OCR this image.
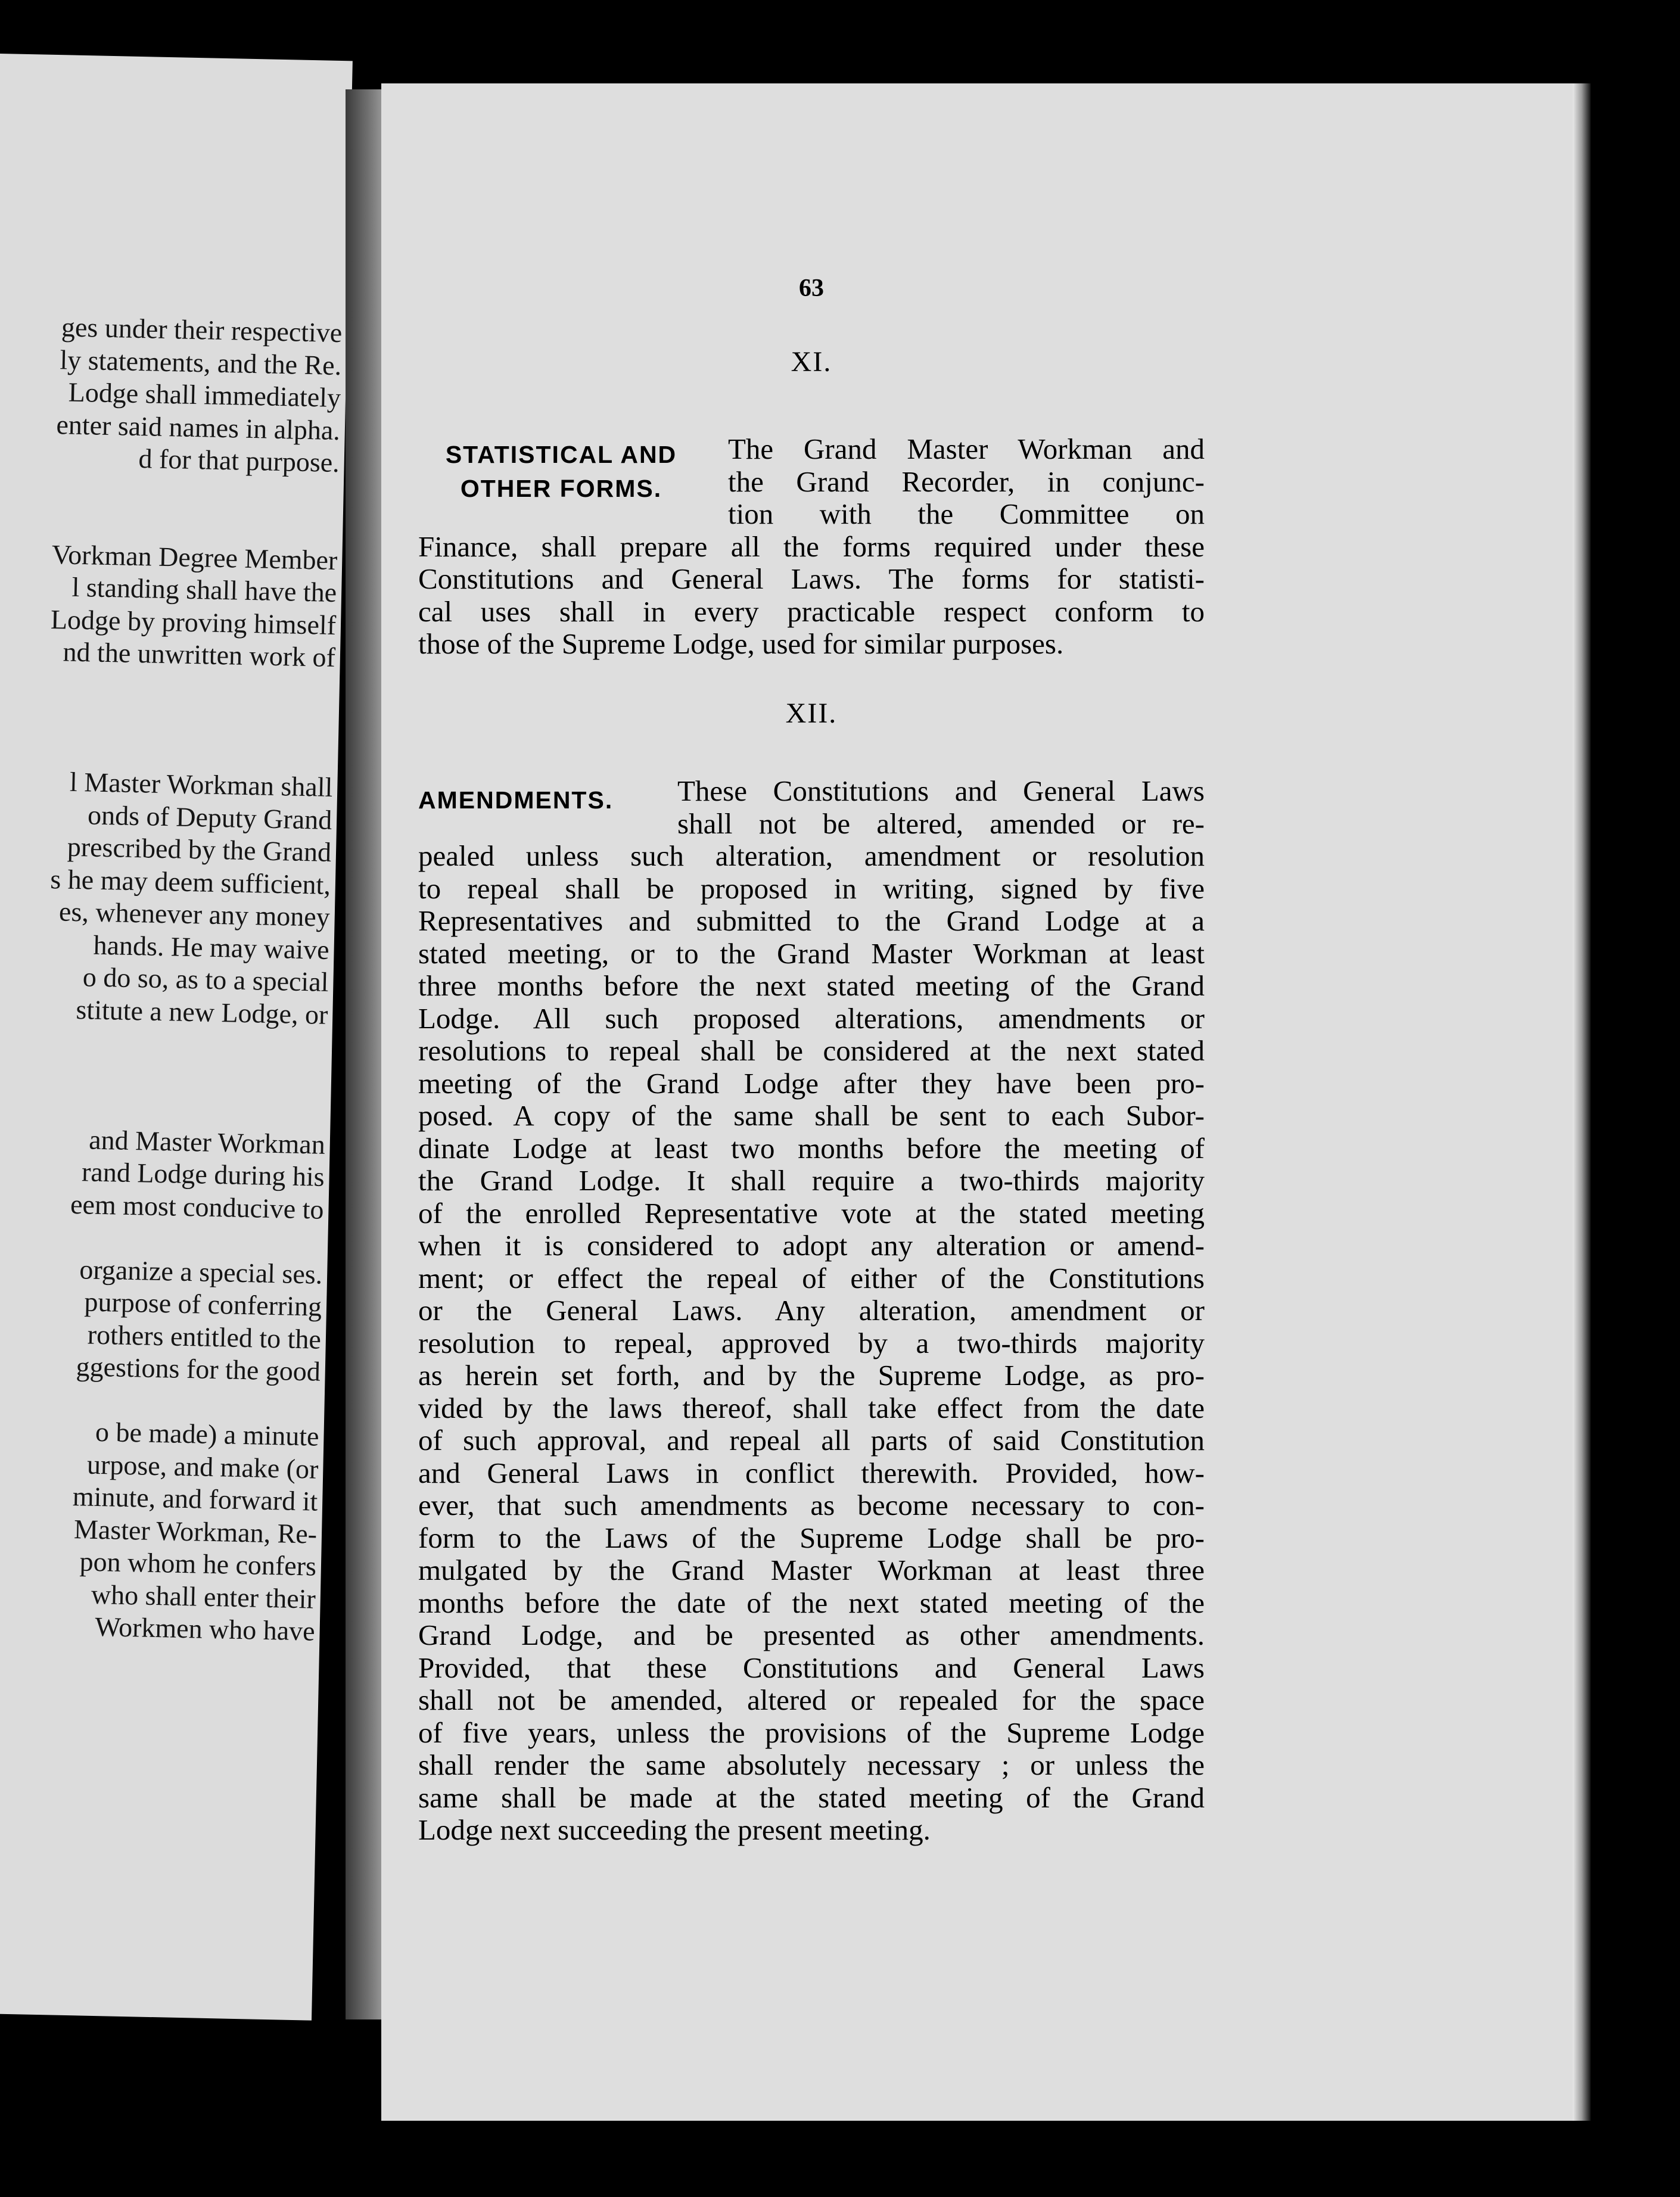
ges under their respective
ly statements, and the Re.
Lodge shall immediately
enter said names in alpha.
d for that purpose.
Vorkman Degree Member
l standing shall have the
Lodge by proving himself
nd the unwritten work of
l Master Workman shall
onds of Deputy Grand
prescribed by the Grand
s he may deem sufficient,
es, whenever any money
hands. He may waive
o do so, as to a special
stitute a new Lodge, or
and Master Workman
rand Lodge during his
eem most conducive to
organize a special ses.
purpose of conferring
rothers entitled to the
ggestions for the good
o be made) a minute
urpose, and make (or
minute, and forward it
Master Workman, Re-
pon whom he confers
who shall enter their
Workmen who have
63
XI.
STATISTICAL AND
OTHER FORMS.
The Grand Master Workman and
the Grand Recorder, in conjunc-
tion with the Committee on
Finance, shall prepare all the forms required under these
Constitutions and General Laws. The forms for statisti-
cal uses shall in every practicable respect conform to
those of the Supreme Lodge, used for similar purposes.
XII.
AMENDMENTS.	These Constitutions and General Laws
shall not be altered, amended or re-
pealed unless such alteration, amendment or resolution
to repeal shall be proposed in writing, signed by five
Representatives and submitted to the Grand Lodge at a
stated meeting, or to the Grand Master Workman at least
three months before the next stated meeting of the Grand
Lodge. All such proposed alterations, amendments or
resolutions to repeal shall be considered at the next stated
meeting of the Grand Lodge after they have been pro-
posed. A copy of the same shall be sent to each Subor-
dinate Lodge at least two months before the meeting of
the Grand Lodge. It shall require a two-thirds majority
of the enrolled Representative vote at the stated meeting
when it is considered to adopt any alteration or amend-
ment; or effect the repeal of either of the Constitutions
or the General Laws. Any alteration, amendment or
resolution to repeal, approved by a two-thirds majority
as herein set forth, and by the Supreme Lodge, as pro-
vided by the laws thereof, shall take effect from the date
of such approval, and repeal all parts of said Constitution
and General Laws in conflict therewith. Provided, how-
ever, that such amendments as become necessary to con-
form to the Laws of the Supreme Lodge shall be pro-
mulgated by the Grand Master Workman at least three
months before the date of the next stated meeting of the
Grand Lodge, and be presented as other amendments.
Provided, that these Constitutions and General Laws
shall not be amended, altered or repealed for the space
of five years, unless the provisions of the Supreme Lodge
shall render the same absolutely necessary ; or unless the
same shall be made at the stated meeting of the Grand
Lodge next succeeding the present meeting.
